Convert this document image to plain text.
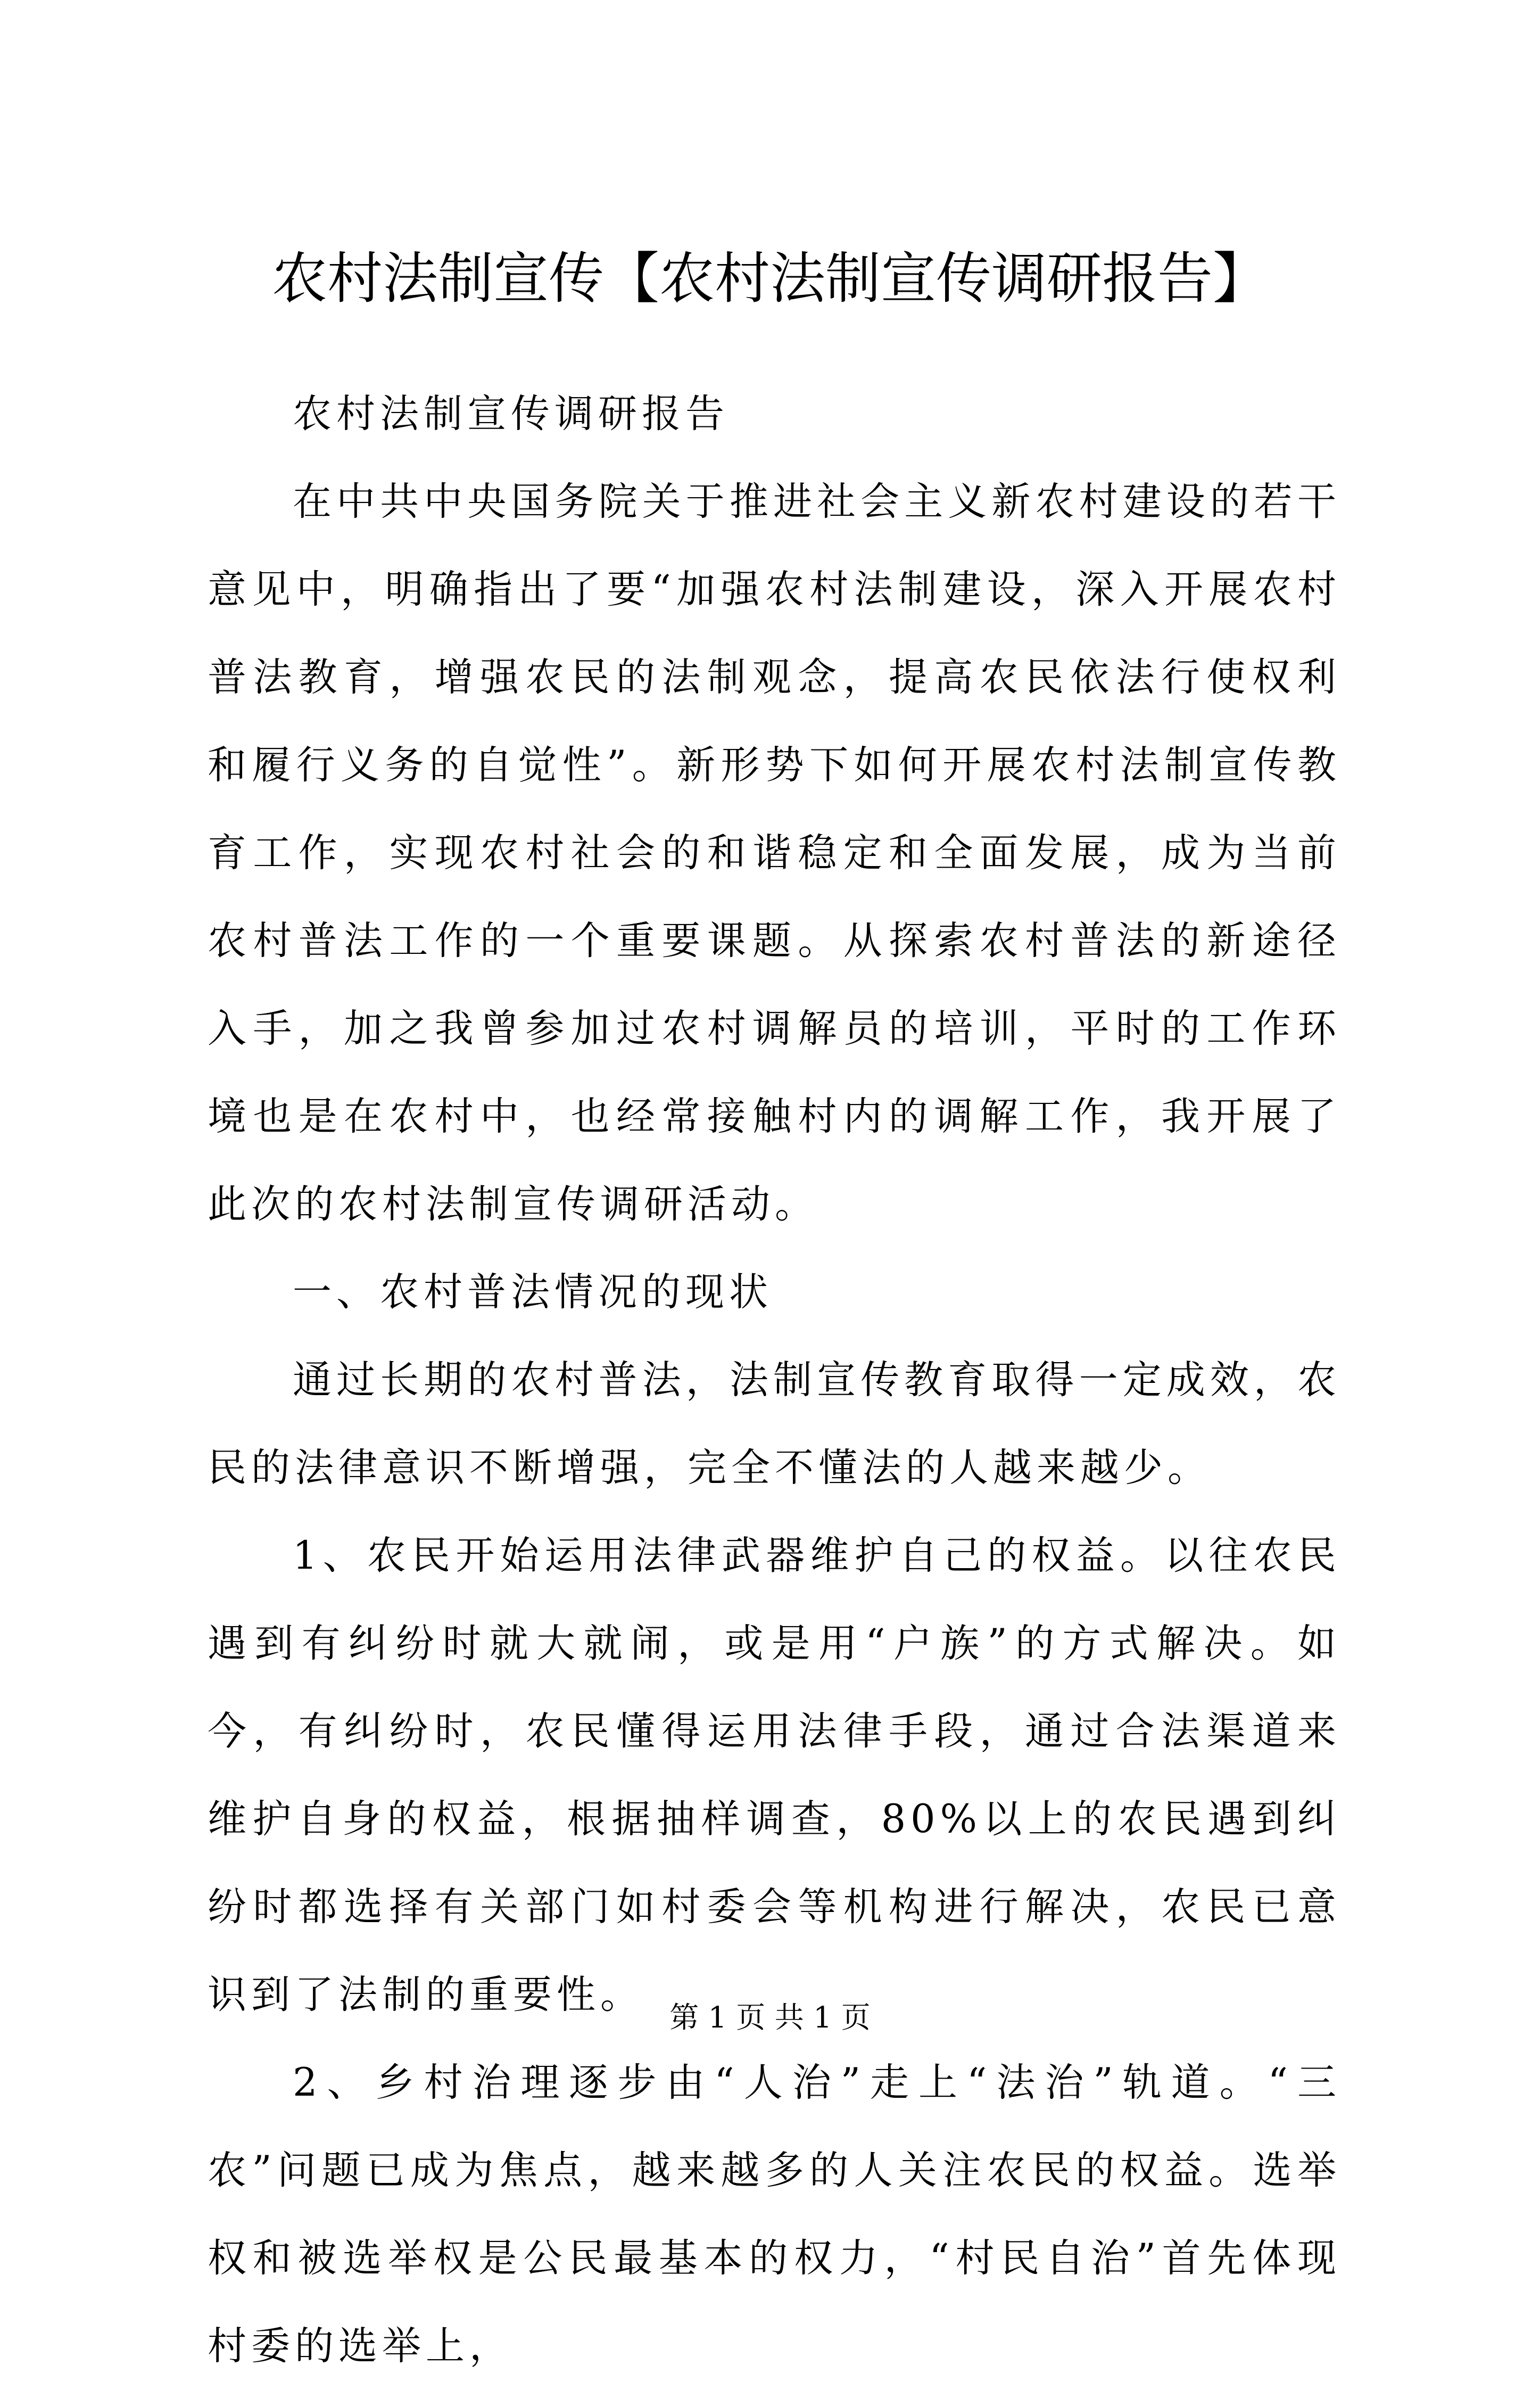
农村法制宣传【农村法制宣传调研报告】

农村法制宣传调研报告

在中共中央国务院关于推进社会主义新农村建设的若干意见中，明确指出了要“加强农村法制建设，深入开展农村普法教育，增强农民的法制观念，提高农民依法行使权利和履行义务的自觉性”。新形势下如何开展农村法制宣传教育工作，实现农村社会的和谐稳定和全面发展，成为当前农村普法工作的一个重要课题。从探索农村普法的新途径入手，加之我曾参加过农村调解员的培训，平时的工作环境也是在农村中，也经常接触村内的调解工作，我开展了此次的农村法制宣传调研活动。

一、农村普法情况的现状

通过长期的农村普法，法制宣传教育取得一定成效，农民的法律意识不断增强，完全不懂法的人越来越少。

1、农民开始运用法律武器维护自己的权益。以往农民遇到有纠纷时就大就闹，或是用“户族”的方式解决。如今，有纠纷时，农民懂得运用法律手段，通过合法渠道来维护自身的权益，根据抽样调查，80%以上的农民遇到纠纷时都选择有关部门如村委会等机构进行解决，农民已意识到了法制的重要性。

2、乡村治理逐步由“人治”走上“法治”轨道。“三农”问题已成为焦点，越来越多的人关注农民的权益。选举权和被选举权是公民最基本的权力，“村民自治”首先体现村委的选举上，

第 1 页 共 1 页
